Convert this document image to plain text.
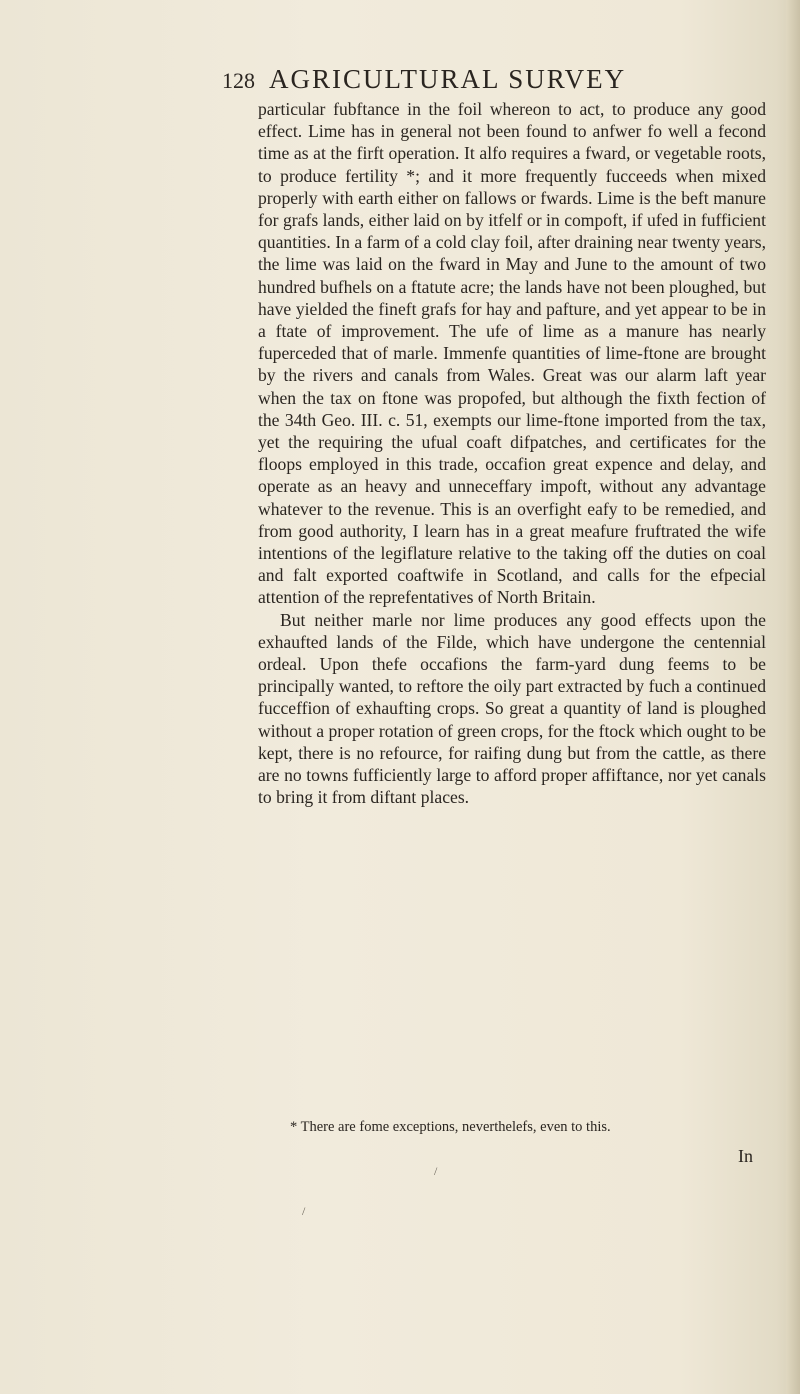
128 AGRICULTURAL SURVEY

particular fubftance in the foil whereon to act, to produce any good effect. Lime has in general not been found to anfwer fo well a fecond time as at the firft operation. It alfo requires a fward, or vegetable roots, to produce fertility *; and it more frequently fucceeds when mixed properly with earth either on fallows or fwards. Lime is the beft manure for grafs lands, either laid on by itfelf or in compoft, if ufed in fufficient quantities. In a farm of a cold clay foil, after draining near twenty years, the lime was laid on the fward in May and June to the amount of two hundred bufhels on a ftatute acre; the lands have not been ploughed, but have yielded the fineft grafs for hay and pafture, and yet appear to be in a ftate of improvement. The ufe of lime as a manure has nearly fuperceded that of marle. Immenfe quantities of lime-ftone are brought by the rivers and canals from Wales. Great was our alarm laft year when the tax on ftone was propofed, but although the fixth fection of the 34th Geo. III. c. 51, exempts our lime-ftone imported from the tax, yet the requiring the ufual coaft difpatches, and certificates for the floops employed in this trade, occafion great expence and delay, and operate as an heavy and unneceffary impoft, without any advantage whatever to the revenue. This is an overfight eafy to be remedied, and from good authority, I learn has in a great meafure fruftrated the wife intentions of the legiflature relative to the taking off the duties on coal and falt exported coaftwife in Scotland, and calls for the efpecial attention of the reprefentatives of North Britain.

But neither marle nor lime produces any good effects upon the exhaufted lands of the Filde, which have undergone the centennial ordeal. Upon thefe occafions the farm-yard dung feems to be principally wanted, to reftore the oily part extracted by fuch a continued fucceffion of exhaufting crops. So great a quantity of land is ploughed without a proper rotation of green crops, for the ftock which ought to be kept, there is no refource, for raifing dung but from the cattle, as there are no towns fufficiently large to afford proper affiftance, nor yet canals to bring it from diftant places.

* There are fome exceptions, neverthelefs, even to this.
In
/
/
